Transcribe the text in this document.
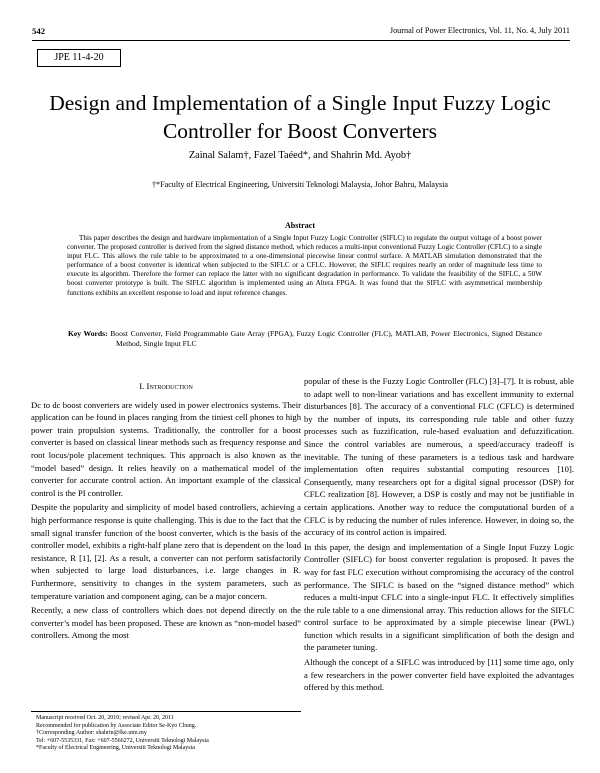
542	Journal of Power Electronics, Vol. 11, No. 4, July 2011
JPE 11-4-20
Design and Implementation of a Single Input Fuzzy Logic Controller for Boost Converters
Zainal Salam†, Fazel Taéed*, and Shahrin Md. Ayob†
†*Faculty of Electrical Engineering, Universiti Teknologi Malaysia, Johor Bahru, Malaysia
Abstract
This paper describes the design and hardware implementation of a Single Input Fuzzy Logic Controller (SIFLC) to regulate the output voltage of a boost power converter. The proposed controller is derived from the signed distance method, which reduces a multi-input conventional Fuzzy Logic Controller (CFLC) to a single input FLC. This allows the rule table to be approximated to a one-dimensional piecewise linear control surface. A MATLAB simulation demonstrated that the performance of a boost converter is identical when subjected to the SIFLC or a CFLC. However, the SIFLC requires nearly an order of magnitude less time to execute its algorithm. Therefore the former can replace the latter with no significant degradation in performance. To validate the feasibility of the SIFLC, a 50W boost converter prototype is built. The SIFLC algorithm is implemented using an Altera FPGA. It was found that the SIFLC with asymmetrical membership functions exhibits an excellent response to load and input reference changes.
Key Words: Boost Converter, Field Programmable Gate Array (FPGA), Fuzzy Logic Controller (FLC), MATLAB, Power Electronics, Signed Distance Method, Single Input FLC
I. Introduction

Dc to dc boost converters are widely used in power electronics systems. Their application can be found in places ranging from the tiniest cell phones to high power train propulsion systems. Traditionally, the controller for a boost converter is based on classical linear methods such as frequency response and root locus/pole placement techniques. This approach is also known as the “model based” design. It relies heavily on a mathematical model of the converter for accurate control action. An important example of the classical control is the PI controller.

Despite the popularity and simplicity of model based controllers, achieving a high performance response is quite challenging. This is due to the fact that the small signal transfer function of the boost converter, which is the basis of the controller model, exhibits a right-half plane zero that is dependent on the load resistance, R [1], [2]. As a result, a converter can not perform satisfactorily when subjected to large load disturbances, i.e. large changes in R. Furthermore, sensitivity to changes in the system parameters, such as temperature variation and component aging, can be a major concern.

Recently, a new class of controllers which does not depend directly on the converter’s model has been proposed. These are known as “non-model based” controllers. Among the most

popular of these is the Fuzzy Logic Controller (FLC) [3]–[7]. It is robust, able to adapt well to non-linear variations and has excellent immunity to external disturbances [8]. The accuracy of a conventional FLC (CFLC) is determined by the number of inputs, its corresponding rule table and other fuzzy processes such as fuzzification, rule-based evaluation and defuzzification. Since the control variables are numerous, a speed/accuracy tradeoff is inevitable. The tuning of these parameters is a tedious task and hardware implementation often requires substantial computing resources [10]. Consequently, many researchers opt for a digital signal processor (DSP) for CFLC realization [8]. However, a DSP is costly and may not be justifiable in certain applications. Another way to reduce the computational burden of a CFLC is by reducing the number of rules inference. However, in doing so, the accuracy of its control action is impaired.

In this paper, the design and implementation of a Single Input Fuzzy Logic Controller (SIFLC) for boost converter regulation is proposed. It paves the way for fast FLC execution without compromising the accuracy of the control performance. The SIFLC is based on the “signed distance method” which reduces a multi-input CFLC into a single-input FLC. It effectively simplifies the rule table to a one dimensional array. This reduction allows for the SIFLC control surface to be approximated by a simple piecewise linear (PWL) function which results in a significant simplification of both the design and the parameter tuning.

Although the concept of a SIFLC was introduced by [11] some time ago, only a few researchers in the power converter field have exploited the advantages offered by this method.

Manuscript received Oct. 20, 2010; revised Apr. 20, 2011
Recommended for publication by Associate Editor Se-Kyo Chung.
†Corresponding Author: shahrin@fke.utm.my
Tel: +607-5535331, Fax: +607-5566272, Universiti Teknologi Malaysia
*Faculty of Electrical Engineering, Universiti Teknologi Malaysia
